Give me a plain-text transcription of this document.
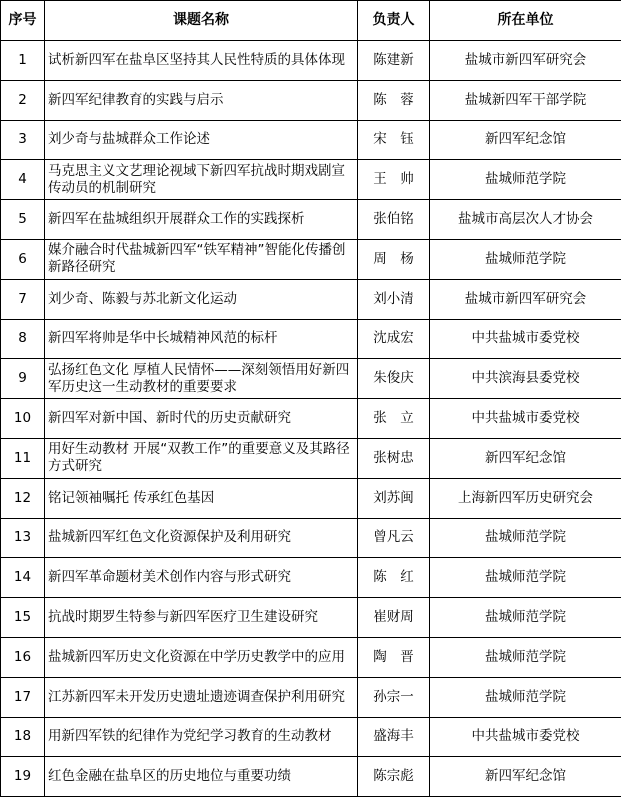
序号	课题名称	负责人	所在单位
1	试析新四军在盐阜区坚持其人民性特质的具体体现	陈建新	盐城市新四军研究会
2	新四军纪律教育的实践与启示	陈　蓉	盐城新四军干部学院
3	刘少奇与盐城群众工作论述	宋　钰	新四军纪念馆
4	马克思主义文艺理论视域下新四军抗战时期戏剧宣传动员的机制研究	王　帅	盐城师范学院
5	新四军在盐城组织开展群众工作的实践探析	张伯铭	盐城市高层次人才协会
6	媒介融合时代盐城新四军“铁军精神”智能化传播创新路径研究	周　杨	盐城师范学院
7	刘少奇、陈毅与苏北新文化运动	刘小清	盐城市新四军研究会
8	新四军将帅是华中长城精神风范的标杆	沈成宏	中共盐城市委党校
9	弘扬红色文化 厚植人民情怀——深刻领悟用好新四军历史这一生动教材的重要要求	朱俊庆	中共滨海县委党校
10	新四军对新中国、新时代的历史贡献研究	张　立	中共盐城市委党校
11	用好生动教材 开展“双教工作”的重要意义及其路径方式研究	张树忠	新四军纪念馆
12	铭记领袖嘱托 传承红色基因	刘苏闽	上海新四军历史研究会
13	盐城新四军红色文化资源保护及利用研究	曾凡云	盐城师范学院
14	新四军革命题材美术创作内容与形式研究	陈　红	盐城师范学院
15	抗战时期罗生特参与新四军医疗卫生建设研究	崔财周	盐城师范学院
16	盐城新四军历史文化资源在中学历史教学中的应用	陶　晋	盐城师范学院
17	江苏新四军未开发历史遗址遗迹调查保护利用研究	孙宗一	盐城师范学院
18	用新四军铁的纪律作为党纪学习教育的生动教材	盛海丰	中共盐城市委党校
19	红色金融在盐阜区的历史地位与重要功绩	陈宗彪	新四军纪念馆
